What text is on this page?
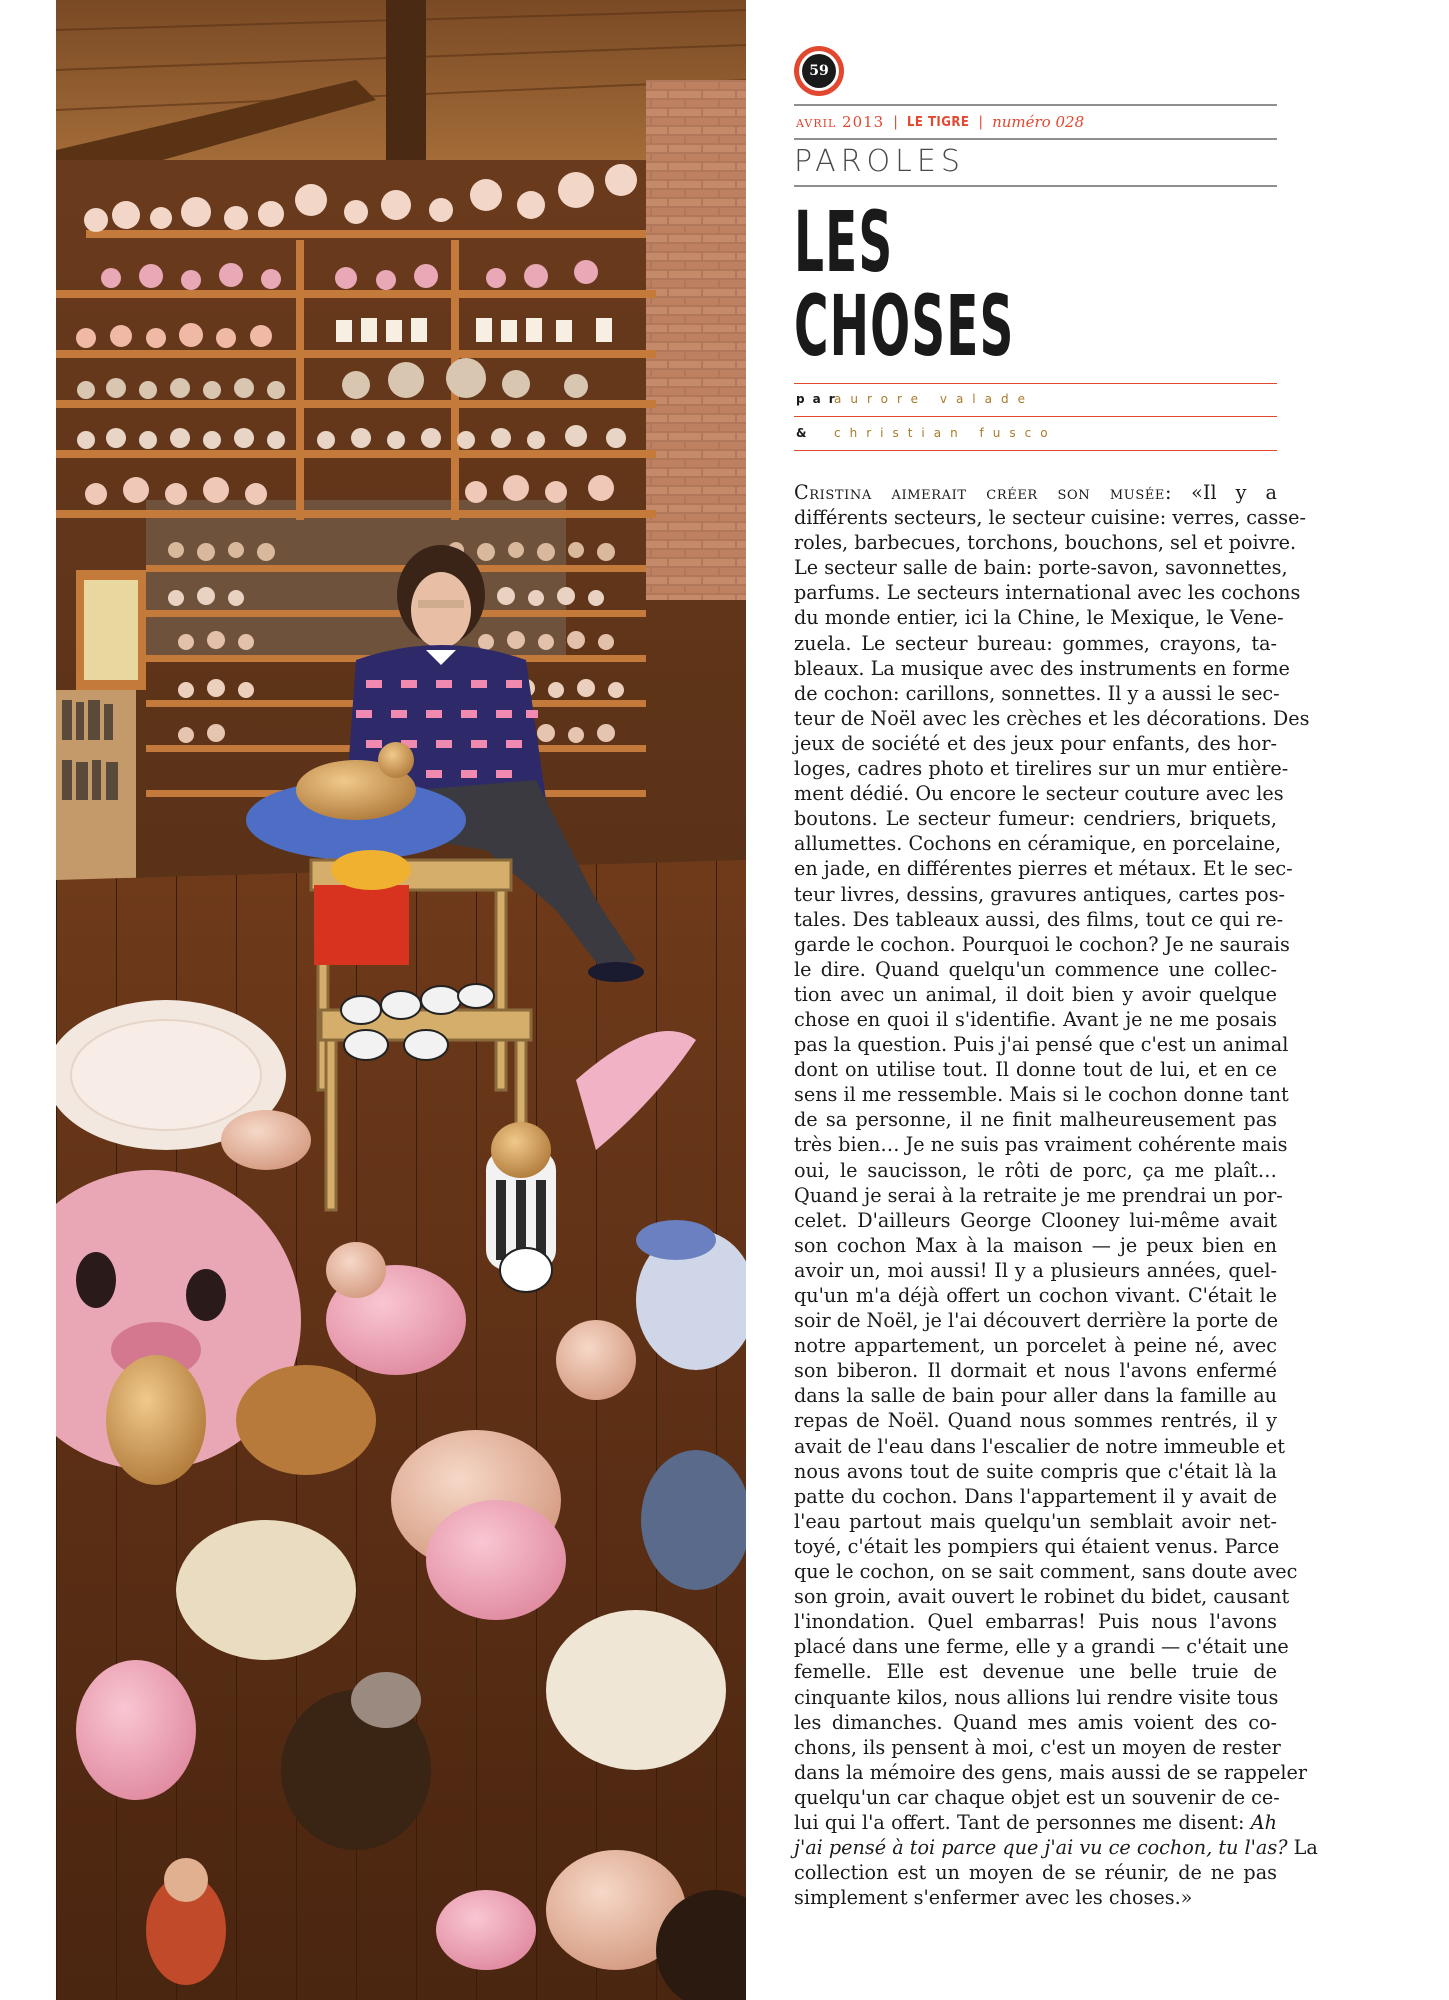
59
avril 2013 | LE TIGRE | numéro 028
PAROLES
LES
CHOSES
par
aurore valade
&	christian fusco
Cristina aimerait créer son musée: «Il y a
différents secteurs, le secteur cuisine: verres, casse-
roles, barbecues, torchons, bouchons, sel et poivre.
Le secteur salle de bain: porte-savon, savonnettes,
parfums. Le secteurs international avec les cochons
du monde entier, ici la Chine, le Mexique, le Vene-
zuela. Le secteur bureau: gommes, crayons, ta-
bleaux. La musique avec des instruments en forme
de cochon: carillons, sonnettes. Il y a aussi le sec-
teur de Noël avec les crèches et les décorations. Des
jeux de société et des jeux pour enfants, des hor-
loges, cadres photo et tirelires sur un mur entière-
ment dédié. Ou encore le secteur couture avec les
boutons. Le secteur fumeur: cendriers, briquets,
allumettes. Cochons en céramique, en porcelaine,
en jade, en différentes pierres et métaux. Et le sec-
teur livres, dessins, gravures antiques, cartes pos-
tales. Des tableaux aussi, des films, tout ce qui re-
garde le cochon. Pourquoi le cochon? Je ne saurais
le dire. Quand quelqu'un commence une collec-
tion avec un animal, il doit bien y avoir quelque
chose en quoi il s'identifie. Avant je ne me posais
pas la question. Puis j'ai pensé que c'est un animal
dont on utilise tout. Il donne tout de lui, et en ce
sens il me ressemble. Mais si le cochon donne tant
de sa personne, il ne finit malheureusement pas
très bien… Je ne suis pas vraiment cohérente mais
oui, le saucisson, le rôti de porc, ça me plaît…
Quand je serai à la retraite je me prendrai un por-
celet. D'ailleurs George Clooney lui-même avait
son cochon Max à la maison — je peux bien en
avoir un, moi aussi! Il y a plusieurs années, quel-
qu'un m'a déjà offert un cochon vivant. C'était le
soir de Noël, je l'ai découvert derrière la porte de
notre appartement, un porcelet à peine né, avec
son biberon. Il dormait et nous l'avons enfermé
dans la salle de bain pour aller dans la famille au
repas de Noël. Quand nous sommes rentrés, il y
avait de l'eau dans l'escalier de notre immeuble et
nous avons tout de suite compris que c'était là la
patte du cochon. Dans l'appartement il y avait de
l'eau partout mais quelqu'un semblait avoir net-
toyé, c'était les pompiers qui étaient venus. Parce
que le cochon, on se sait comment, sans doute avec
son groin, avait ouvert le robinet du bidet, causant
l'inondation. Quel embarras! Puis nous l'avons
placé dans une ferme, elle y a grandi — c'était une
femelle. Elle est devenue une belle truie de
cinquante kilos, nous allions lui rendre visite tous
les dimanches. Quand mes amis voient des co-
chons, ils pensent à moi, c'est un moyen de rester
dans la mémoire des gens, mais aussi de se rappeler
quelqu'un car chaque objet est un souvenir de ce-
lui qui l'a offert. Tant de personnes me disent: Ah
j'ai pensé à toi parce que j'ai vu ce cochon, tu l'as? La
collection est un moyen de se réunir, de ne pas
simplement s'enfermer avec les choses.»
